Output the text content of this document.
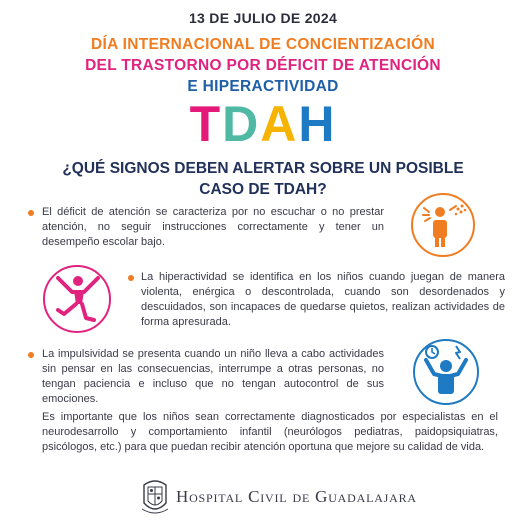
13 DE JULIO DE 2024
DÍA INTERNACIONAL DE CONCIENTIZACIÓN
DEL TRASTORNO POR DÉFICIT DE ATENCIÓN
E HIPERACTIVIDAD
TDAH
¿QUÉ SIGNOS DEBEN ALERTAR SOBRE UN POSIBLE
CASO DE TDAH?
El déficit de atención se caracteriza por no escuchar o no prestar atención, no seguir instrucciones correctamente y tener un desempeño escolar bajo.
La hiperactividad se identifica en los niños cuando juegan de manera violenta, enérgica o descontrolada, cuando son desordenados y descuidados, son incapaces de quedarse quietos, realizan actividades de forma apresurada.
La impulsividad se presenta cuando un niño lleva a cabo actividades sin pensar en las consecuencias, interrumpe a otras personas, no tengan paciencia e incluso que no tengan autocontrol de sus emociones.
Es importante que los niños sean correctamente diagnosticados por especialistas en el neurodesarrollo y comportamiento infantil (neurólogos pediatras, paidopsiquiatras, psicólogos, etc.) para que puedan recibir atención oportuna que mejore su calidad de vida.
Hospital Civil de Guadalajara
